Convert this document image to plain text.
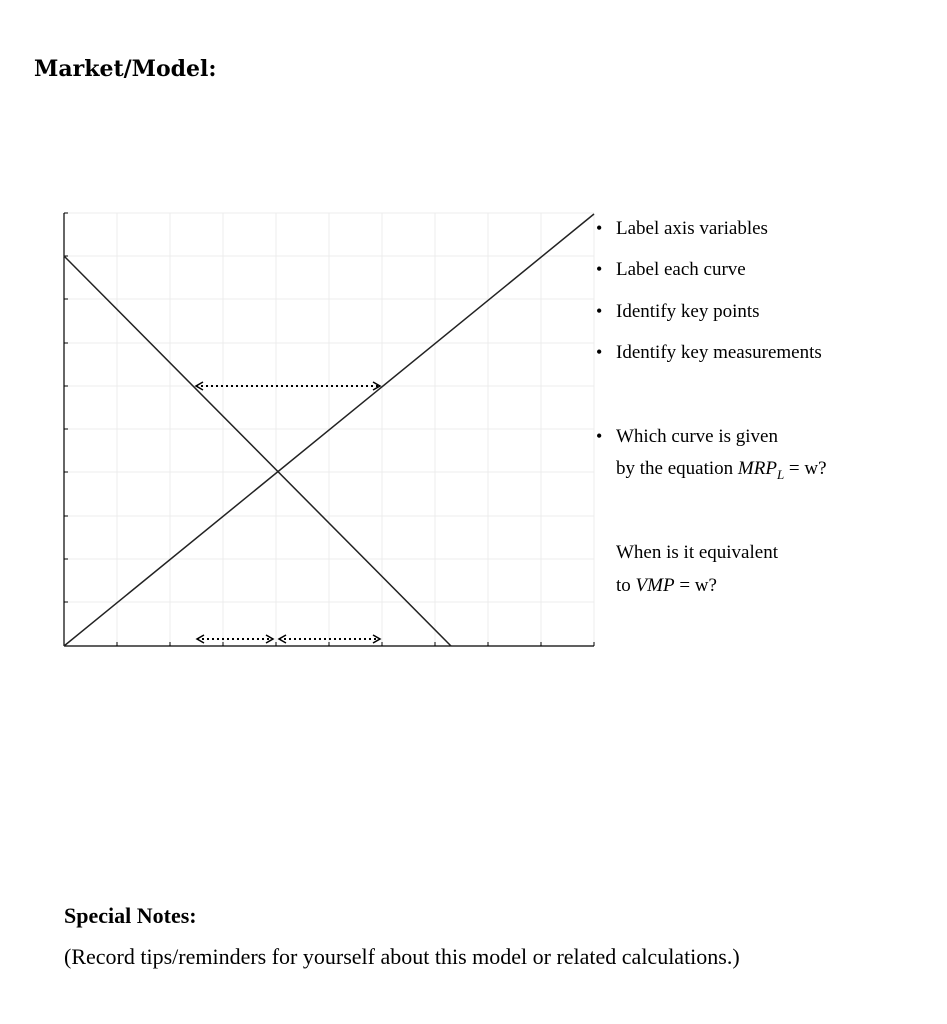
Market/Model:
• Label axis variables
• Label each curve
• Identify key points
• Identify key measurements
• Which curve is given
by the equation $MRP_L = w$?
When is it equivalent
to VMP = w?
Special Notes:
(Record tips/reminders for yourself about this model or related calculations.)
